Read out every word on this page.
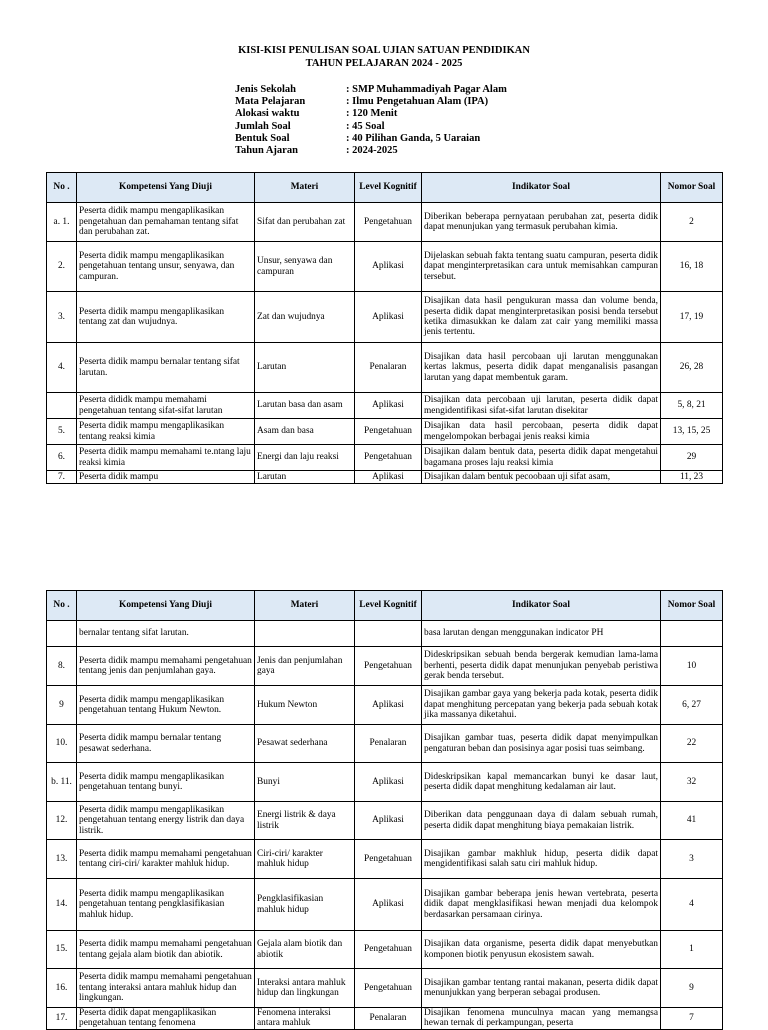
KISI-KISI PENULISAN SOAL UJIAN SATUAN PENDIDIKAN
TAHUN PELAJARAN 2024 - 2025
Jenis Sekolah	: SMP Muhammadiyah Pagar Alam
Mata Pelajaran	: Ilmu Pengetahuan Alam (IPA)
Alokasi waktu	: 120 Menit
Jumlah Soal	: 45 Soal
Bentuk Soal	: 40 Pilihan Ganda, 5 Uaraian
Tahun Ajaran	: 2024-2025
No .	Kompetensi Yang Diuji	Materi	Level Kognitif	Indikator Soal	Nomor Soal
a. 1.	Peserta didik mampu mengaplikasikan pengetahuan dan pemahaman tentang sifat dan perubahan zat.	Sifat dan perubahan zat	Pengetahuan	Diberikan beberapa pernyataan perubahan zat, peserta didik dapat menunjukan yang termasuk perubahan kimia.	2
2.	Peserta didik mampu mengaplikasikan pengetahuan tentang unsur, senyawa, dan campuran.	Unsur, senyawa dan campuran	Aplikasi	Dijelaskan sebuah fakta tentang suatu campuran, peserta didik dapat menginterpretasikan cara untuk memisahkan campuran tersebut.	16, 18
3.	Peserta didik mampu mengaplikasikan tentang zat dan wujudnya.	Zat dan wujudnya	Aplikasi	Disajikan data hasil pengukuran massa dan volume benda, peserta didik dapat menginterpretasikan posisi benda tersebut ketika dimasukkan ke dalam zat cair yang memiliki massa jenis tertentu.	17, 19
4.	Peserta didik mampu bernalar tentang sifat larutan.	Larutan	Penalaran	Disajikan data hasil percobaan uji larutan menggunakan kertas lakmus, peserta didik dapat menganalisis pasangan larutan yang dapat membentuk garam.	26, 28
	Peserta dididk mampu memahami pengetahuan tentang sifat-sifat larutan	Larutan basa dan asam	Aplikasi	Disajikan data percobaan uji larutan, peserta didik dapat mengidentifikasi sifat-sifat larutan disekitar	5, 8, 21
5.	Peserta didik mampu mengaplikasikan tentang reaksi kimia	Asam dan basa	Pengetahuan	Disajikan data hasil percobaan, peserta didik dapat mengelompokan berbagai jenis reaksi kimia	13, 15, 25
6.	Peserta didik mampu memahami te.ntang laju reaksi kimia	Energi dan laju reaksi	Pengetahuan	Disajikan dalam bentuk data, peserta didik dapat mengetahui bagamana proses laju reaksi kimia	29
7.	Peserta didik mampu	Larutan	Aplikasi	Disajikan dalam bentuk pecoobaan uji sifat asam,	11, 23
No .	Kompetensi Yang Diuji	Materi	Level Kognitif	Indikator Soal	Nomor Soal
	bernalar tentang sifat larutan.			basa larutan dengan menggunakan indicator PH	
8.	Peserta didik mampu memahami pengetahuan tentang jenis dan penjumlahan gaya.	Jenis dan penjumlahan gaya	Pengetahuan	Dideskripsikan sebuah benda bergerak kemudian lama-lama berhenti, peserta didik dapat menunjukan penyebab peristiwa gerak benda tersebut.	10
9	Peserta didik mampu mengaplikasikan pengetahuan tentang Hukum Newton.	Hukum Newton	Aplikasi	Disajikan gambar gaya yang bekerja pada kotak, peserta didik dapat menghitung percepatan yang bekerja pada sebuah kotak jika massanya diketahui.	6, 27
10.	Peserta didik mampu bernalar tentang pesawat sederhana.	Pesawat sederhana	Penalaran	Disajikan gambar tuas, peserta didik dapat menyimpulkan pengaturan beban dan posisinya agar posisi tuas seimbang.	22
b. 11.	Peserta didik mampu mengaplikasikan pengetahuan tentang bunyi.	Bunyi	Aplikasi	Dideskripsikan kapal memancarkan bunyi ke dasar laut, peserta didik dapat menghitung kedalaman air laut.	32
12.	Peserta didik mampu mengaplikasikan pengetahuan tentang energy listrik dan daya listrik.	Energi listrik & daya listrik	Aplikasi	Diberikan data penggunaan daya di dalam sebuah rumah, peserta didik dapat menghitung biaya pemakaian listrik.	41
13.	Peserta didik mampu memahami pengetahuan tentang ciri-ciri/ karakter mahluk hidup.	Ciri-ciri/ karakter mahluk hidup	Pengetahuan	Disajikan gambar makhluk hidup, peserta didik dapat mengidentifikasi salah satu ciri mahluk hidup.	3
14.	Peserta didik mampu mengaplikasikan pengetahuan tentang pengklasifikasian mahluk hidup.	Pengklasifikasian mahluk hidup	Aplikasi	Disajikan gambar beberapa jenis hewan vertebrata, peserta didik dapat mengklasifikasi hewan menjadi dua kelompok berdasarkan persamaan cirinya.	4
15.	Peserta didik mampu memahami pengetahuan tentang gejala alam biotik dan abiotik.	Gejala alam biotik dan abiotik	Pengetahuan	Disajikan data organisme, peserta didik dapat menyebutkan komponen biotik penyusun ekosistem sawah.	1
16.	Peserta didik mampu memahami pengetahuan tentang interaksi antara mahluk hidup dan lingkungan.	Interaksi antara mahluk hidup dan lingkungan	Pengetahuan	Disajikan gambar tentang rantai makanan, peserta didik dapat menunjukkan yang berperan sebagai produsen.	9
17.	Peserta didik dapat mengaplikasikan pengetahuan tentang fenomena	Fenomena interaksi antara mahluk	Penalaran	Disajikan fenomena munculnya macan yang memangsa hewan ternak di perkampungan, peserta	7
